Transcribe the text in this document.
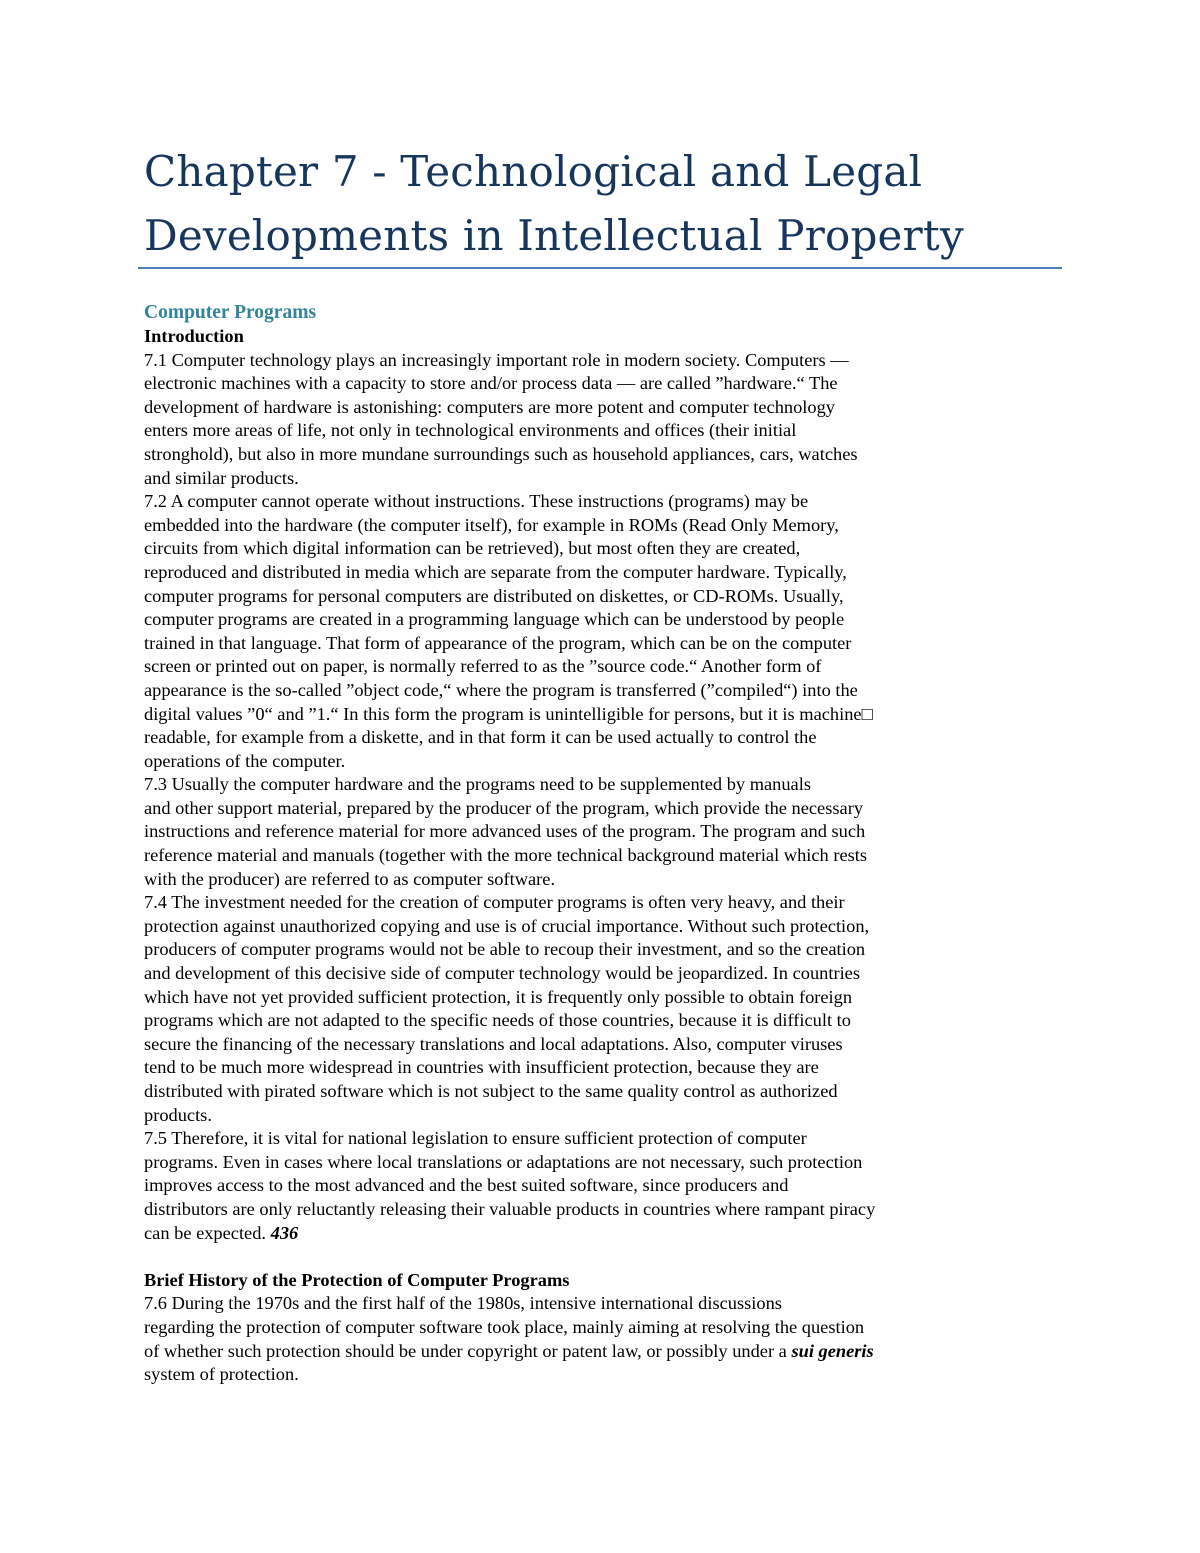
Chapter 7 - Technological and Legal
Developments in Intellectual Property
Computer Programs
Introduction
7.1 Computer technology plays an increasingly important role in modern society. Computers —
electronic machines with a capacity to store and/or process data — are called ”hardware.“ The
development of hardware is astonishing: computers are more potent and computer technology
enters more areas of life, not only in technological environments and offices (their initial
stronghold), but also in more mundane surroundings such as household appliances, cars, watches
and similar products.
7.2 A computer cannot operate without instructions. These instructions (programs) may be
embedded into the hardware (the computer itself), for example in ROMs (Read Only Memory,
circuits from which digital information can be retrieved), but most often they are created,
reproduced and distributed in media which are separate from the computer hardware. Typically,
computer programs for personal computers are distributed on diskettes, or CD-ROMs. Usually,
computer programs are created in a programming language which can be understood by people
trained in that language. That form of appearance of the program, which can be on the computer
screen or printed out on paper, is normally referred to as the ”source code.“ Another form of
appearance is the so-called ”object code,“ where the program is transferred (”compiled“) into the
digital values ”0“ and ”1.“ In this form the program is unintelligible for persons, but it is machine□
readable, for example from a diskette, and in that form it can be used actually to control the
operations of the computer.
7.3 Usually the computer hardware and the programs need to be supplemented by manuals
and other support material, prepared by the producer of the program, which provide the necessary
instructions and reference material for more advanced uses of the program. The program and such
reference material and manuals (together with the more technical background material which rests
with the producer) are referred to as computer software.
7.4 The investment needed for the creation of computer programs is often very heavy, and their
protection against unauthorized copying and use is of crucial importance. Without such protection,
producers of computer programs would not be able to recoup their investment, and so the creation
and development of this decisive side of computer technology would be jeopardized. In countries
which have not yet provided sufficient protection, it is frequently only possible to obtain foreign
programs which are not adapted to the specific needs of those countries, because it is difficult to
secure the financing of the necessary translations and local adaptations. Also, computer viruses
tend to be much more widespread in countries with insufficient protection, because they are
distributed with pirated software which is not subject to the same quality control as authorized
products.
7.5 Therefore, it is vital for national legislation to ensure sufficient protection of computer
programs. Even in cases where local translations or adaptations are not necessary, such protection
improves access to the most advanced and the best suited software, since producers and
distributors are only reluctantly releasing their valuable products in countries where rampant piracy
can be expected. 436
Brief History of the Protection of Computer Programs
7.6 During the 1970s and the first half of the 1980s, intensive international discussions
regarding the protection of computer software took place, mainly aiming at resolving the question
of whether such protection should be under copyright or patent law, or possibly under a sui generis
system of protection.
